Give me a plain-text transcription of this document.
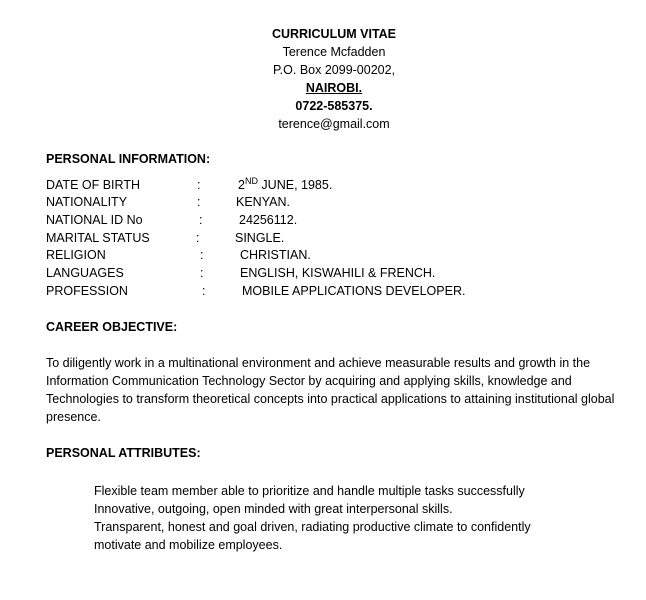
CURRICULUM VITAE
Terence Mcfadden
P.O. Box 2099-00202,
NAIROBI.
0722-585375.
terence@gmail.com
PERSONAL INFORMATION:
DATE OF BIRTH	:	2ND JUNE, 1985.
NATIONALITY	:	KENYAN.
NATIONAL ID No	:	24256112.
MARITAL STATUS	:	SINGLE.
RELIGION	:	CHRISTIAN.
LANGUAGES	:	ENGLISH, KISWAHILI & FRENCH.
PROFESSION	:	MOBILE APPLICATIONS DEVELOPER.
CAREER OBJECTIVE:
To diligently work in a multinational environment and achieve measurable results and growth in the Information Communication Technology Sector by acquiring and applying skills, knowledge and Technologies to transform theoretical concepts into practical applications to attaining institutional global presence.
PERSONAL ATTRIBUTES:
Flexible team member able to prioritize and handle multiple tasks successfully
Innovative, outgoing, open minded with great interpersonal skills.
Transparent, honest and goal driven, radiating productive climate to confidently
motivate and mobilize employees.
